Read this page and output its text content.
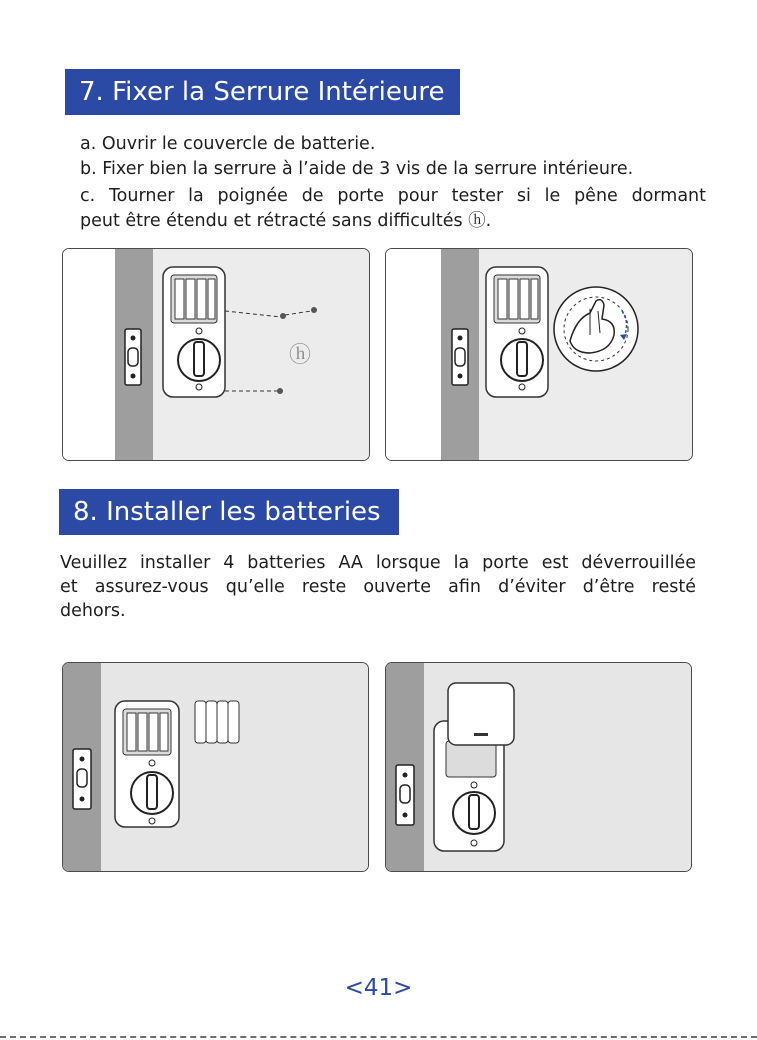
7. Fixer la Serrure Intérieure

a. Ouvrir le couvercle de batterie.

b. Fixer bien la serrure à l’aide de 3 vis de la serrure intérieure.

c. Tourner la poignée de porte pour tester si le pêne dormant

peut être étendu et rétracté sans difficultés ⓗ.

ⓗ
8. Installer les batteries

Veuillez installer 4 batteries AA lorsque la porte est déverrouillée

et assurez-vous qu’elle reste ouverte afin d’éviter d’être resté

dehors.

<41>
